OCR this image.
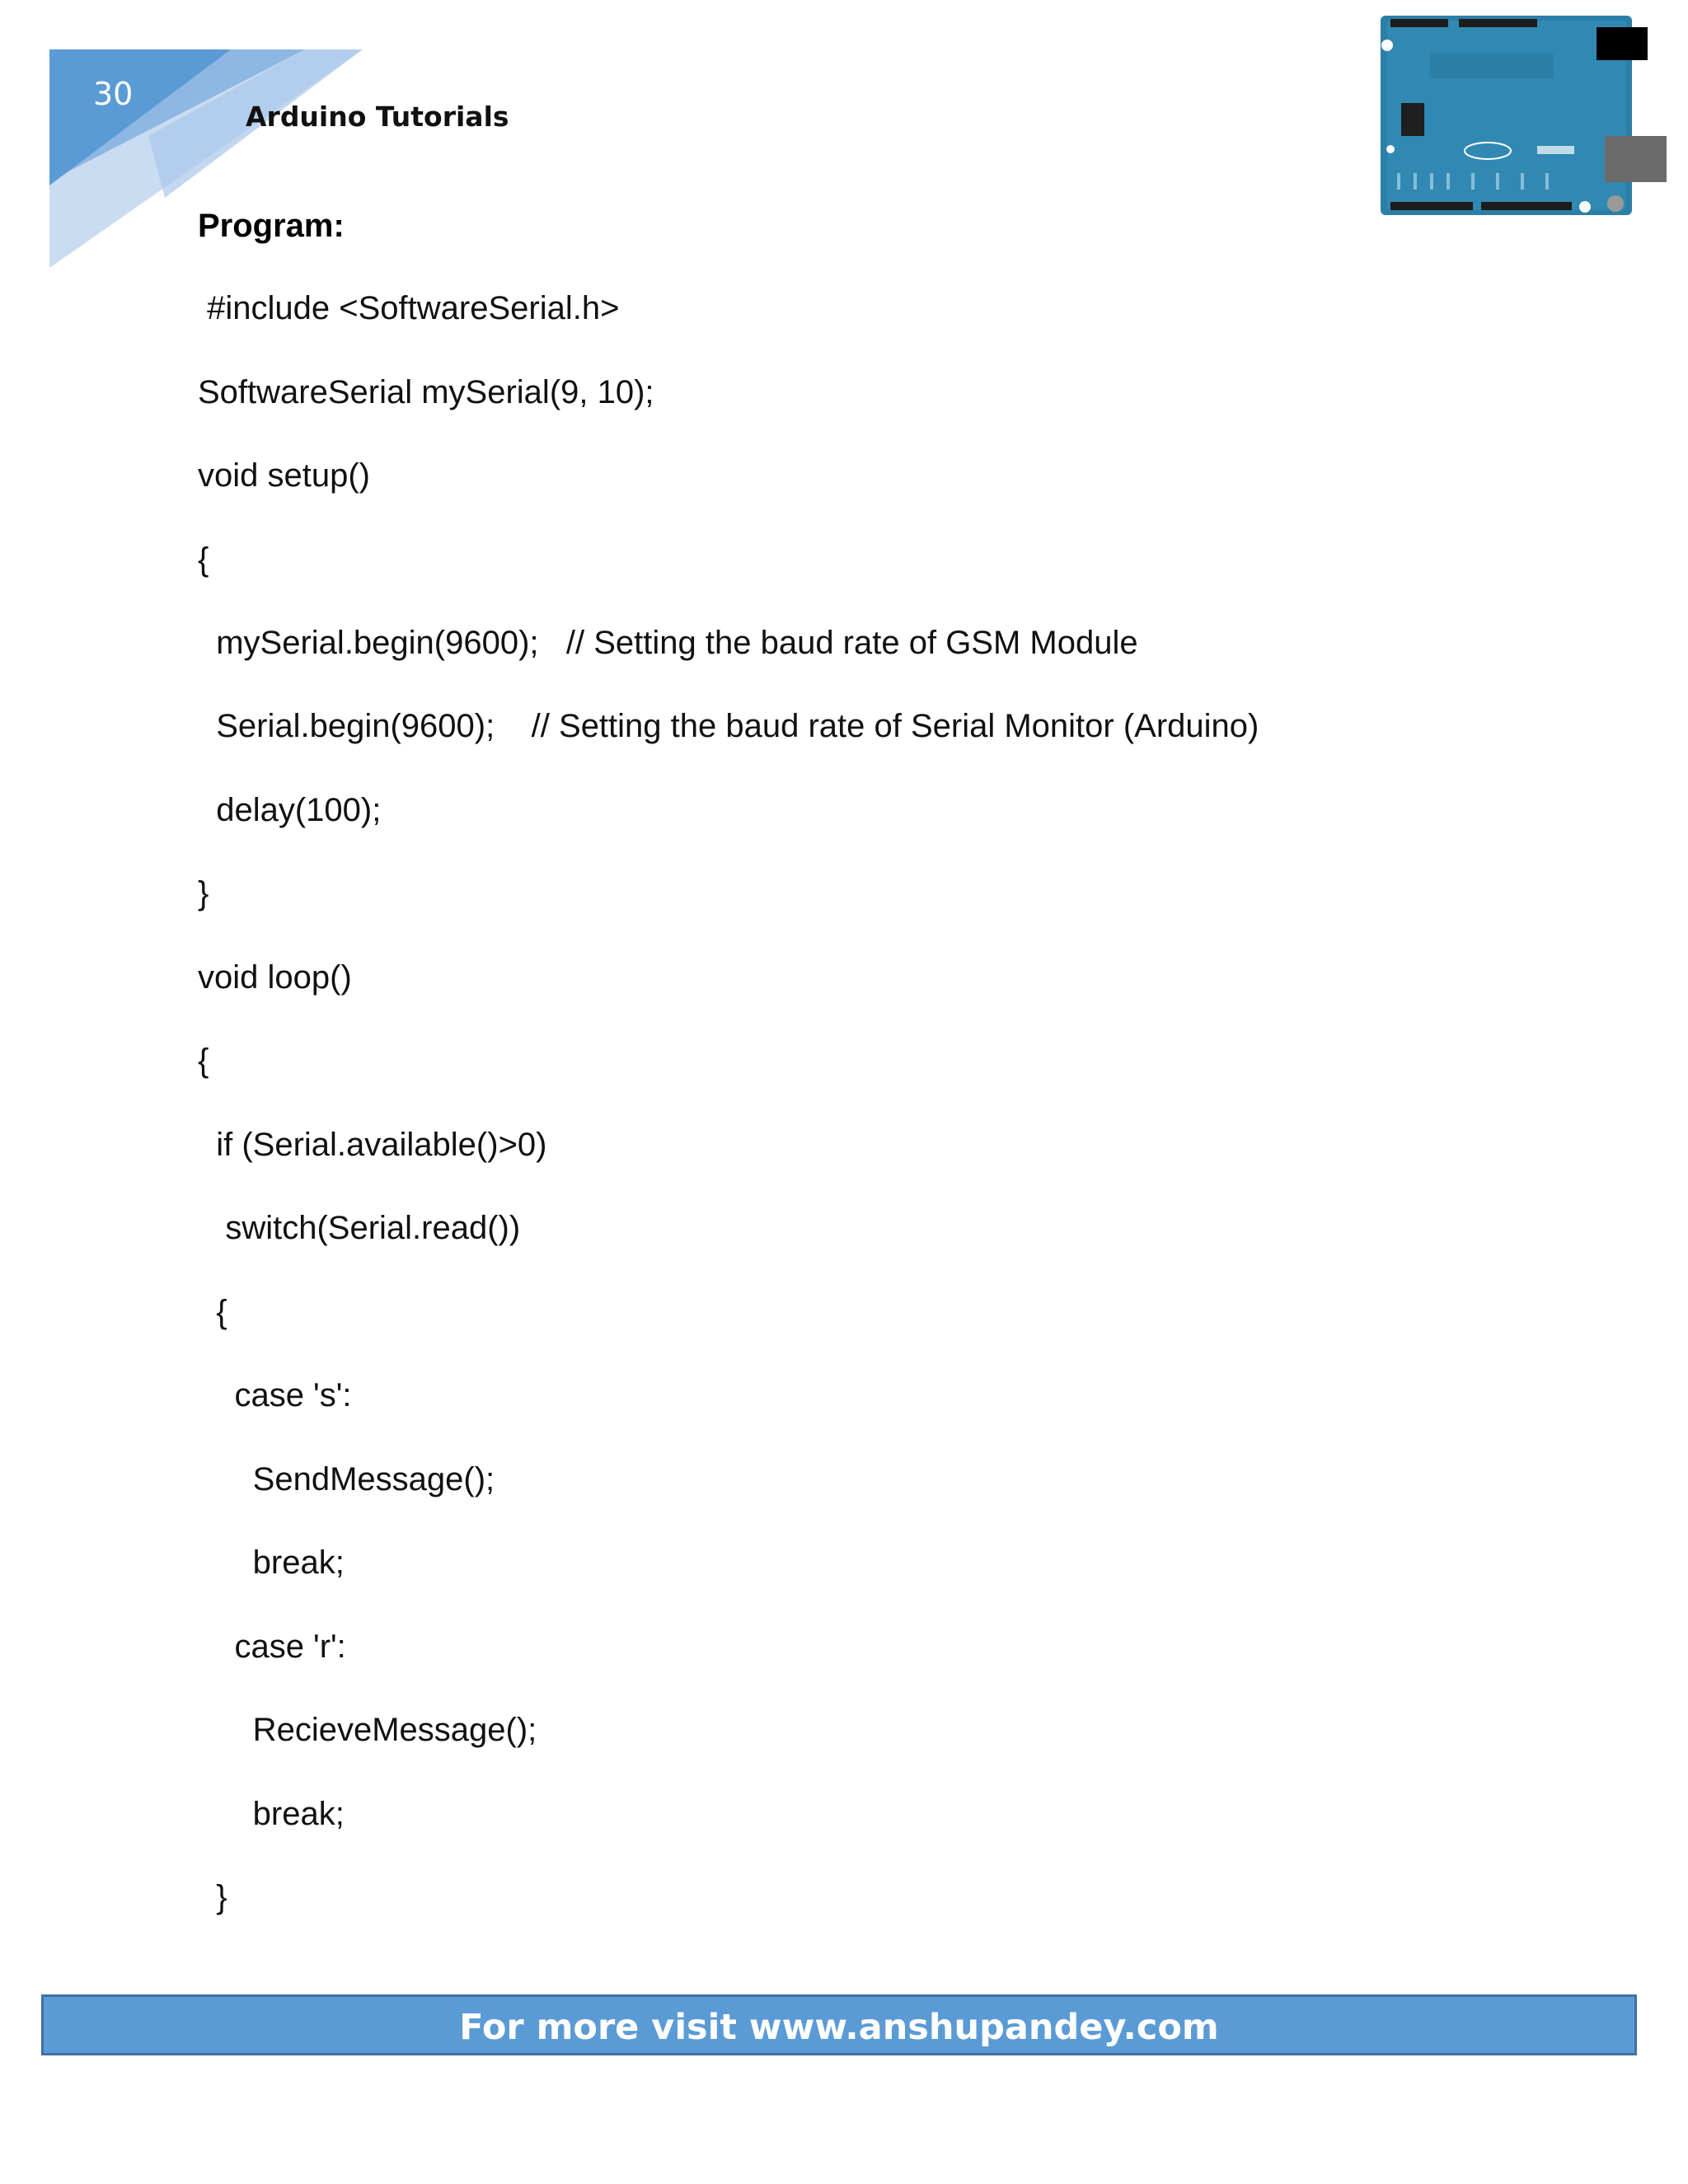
30
Arduino Tutorials
Program:
#include <SoftwareSerial.h>
SoftwareSerial mySerial(9, 10);
void setup()
{
mySerial.begin(9600);   // Setting the baud rate of GSM Module
Serial.begin(9600);    // Setting the baud rate of Serial Monitor (Arduino)
delay(100);
}
void loop()
{
if (Serial.available()>0)
switch(Serial.read())
{
case 's':
SendMessage();
break;
case 'r':
RecieveMessage();
break;
}
For more visit www.anshupandey.com
